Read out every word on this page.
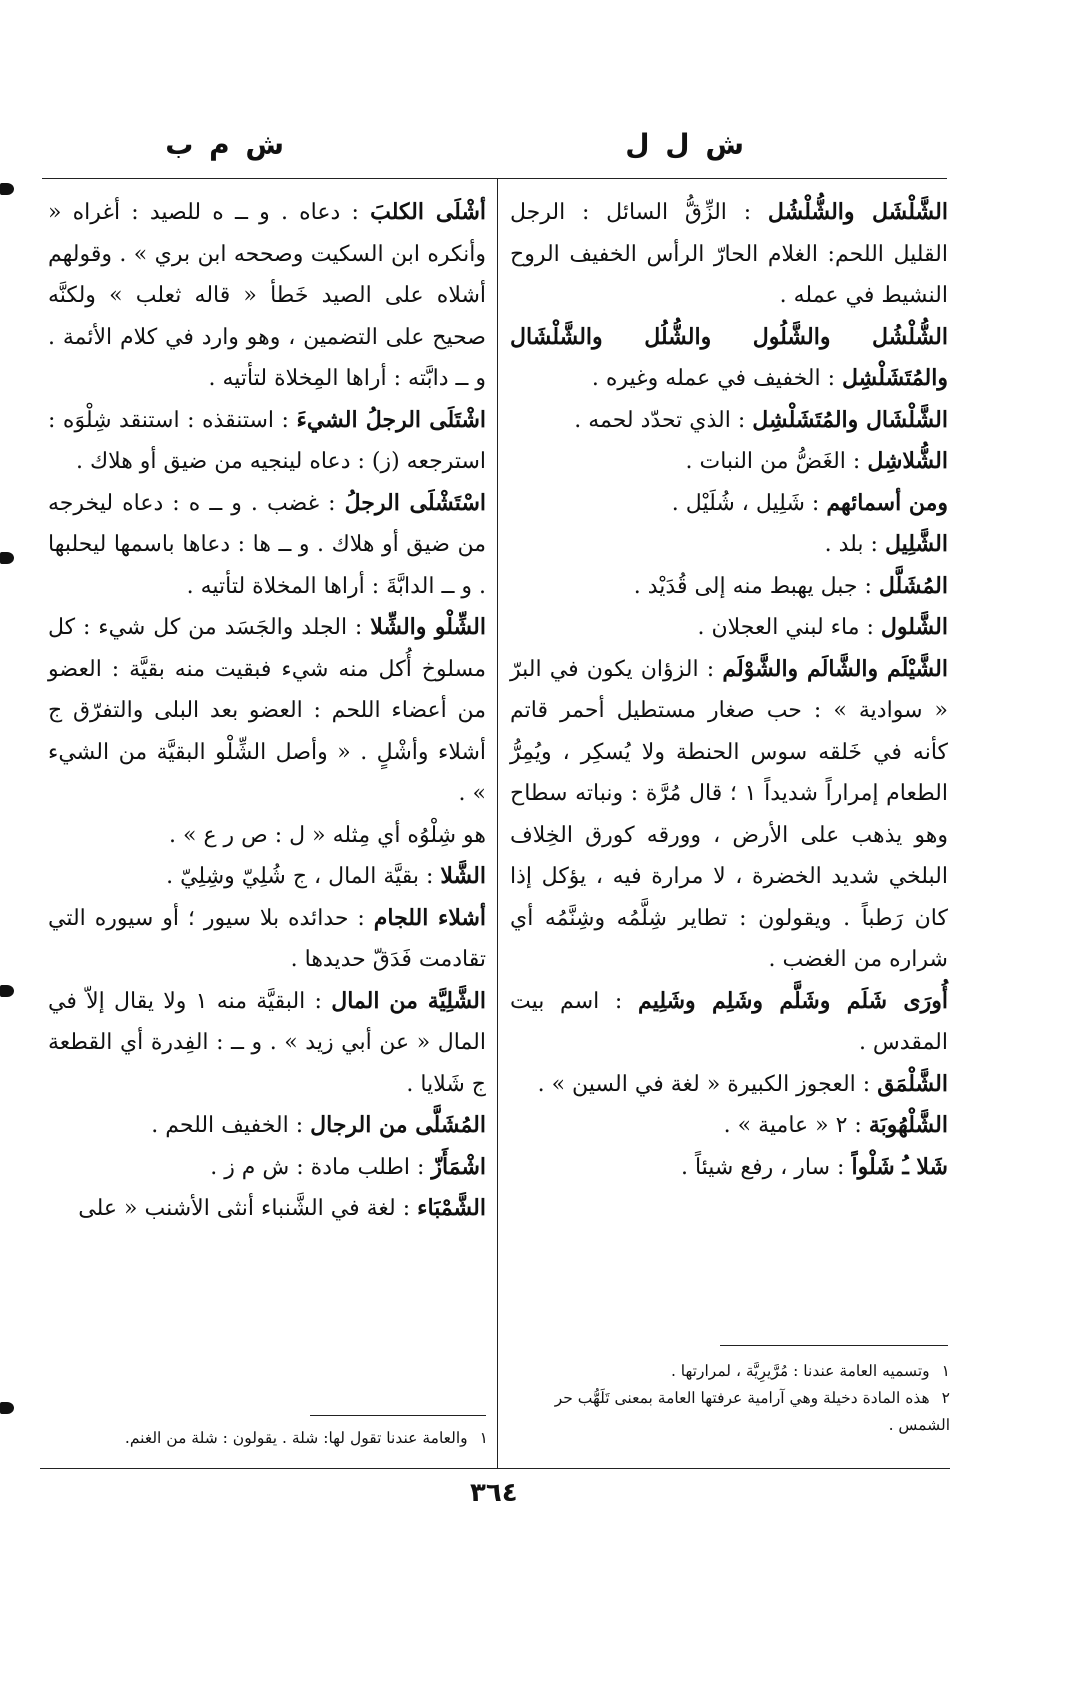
ش ل ل
ش م ب

الشَّلْشَل والشُّلْشُل : الزِّقُّ السائل : الرجل القليل اللحم: الغلام الحارّ الرأس الخفيف الروح النشيط في عمله .

الشُّلْشُل والشَّلُول والشُّلُل والشَّلْشَال والمُتَشَلْشِل : الخفيف في عمله وغيره .

الشَّلْشَال والمُتَشَلْشِل : الذي تحدّد لحمه .

الشُّلاشِل : الغَضُّ من النبات .

ومن أسمائهم : شَلِيل ، شُلَيْل .

الشَّلِيل : بلد .

المُشَلَّل : جبل يهبط منه إلى قُدَيْد .

الشَّلول : ماء لبني العجلان .

الشَّيْلَم والشَّالَم والشَّوْلَم : الزؤان يكون في البرّ « سوادية » : حب صغار مستطيل أحمر قاتم كأنه في خَلقه سوس الحنطة ولا يُسكِر ، ويُمِرُّ الطعام إمراراً شديداً ١ ؛ قال مُرَّة : ونباته سطاح وهو يذهب على الأرض ، وورقه كورق الخِلاف البلخي شديد الخضرة ، لا مرارة فيه ، يؤكل إذا كان رَطباً . ويقولون : تطاير شِلَّمُه وشِنَّمُه أي شراره من الغضب .

أُورَى شَلَم وشَلَّم وشَلِم وشَلِيم : اسم بيت المقدس .

الشَّلْمَق : العجوز الكبيرة « لغة في السين » .

الشَّلْهُوبَة : ٢ « عامية » .

شَلا ـُ شَلْواً : سار ، رفع شيئاً .

أشْلَى الكلبَ : دعاه . و ــ ه للصيد : أغراه « وأنكره ابن السكيت وصححه ابن بري » . وقولهم أشلاه على الصيد خَطأ « قاله ثعلب » ولكنَّه صحيح على التضمين ، وهو وارد في كلام الأئمة . و ــ دابَّته : أراها المِخلاة لتأتيه .

اشْتَلَى الرجلُ الشيءَ : استنقذه : استنقد شِلْوَه : استرجعه (ز) : دعاه لينجيه من ضيق أو هلاك .

اسْتَشْلَى الرجلُ : غضب . و ــ ه : دعاه ليخرجه من ضيق أو هلاك . و ــ ها : دعاها باسمها ليحلبها . و ــ الدابَّةَ : أراها المخلاة لتأتيه .

الشِّلْو والشِّلا : الجلد والجَسَد من كل شيء : كل مسلوخ أُكل منه شيء فبقيت منه بقيَّة : العضو من أعضاء اللحم : العضو بعد البلى والتفرّق ج أشلاء وأشْلٍ . « وأصل الشِّلْو البقيَّة من الشيء » .

هو شِلْوُه أي مِثله « ل : ص ر ع » .

الشَّلا : بقيَّة المال ، ج شُلِيّ وشِلِيّ .

أشلاء اللجام : حدائده بلا سيور ؛ أو سيوره التي تقادمت فَدَقّ حديدها .

الشَّلِيَّة من المال : البقيَّة منه ١ ولا يقال إلاّ في المال « عن أبي زيد » . و ــ : الفِدرة أي القطعة ج شَلايا .

المُشَلَّى من الرجال : الخفيف اللحم .

اشْمَأَزّ : اطلب مادة : ش م ز .

الشَّمْبَاء : لغة في الشَّنباء أنثى الأشنب « على

١وتسميه العامة عندنا : مُرَّيرِيَّة ، لمرارتها .

٢هذه المادة دخيلة وهي آرامية عرفتها العامة بمعنى تَلَهُّب حر الشمس .

١والعامة عندنا تقول لها: شلة . يقولون : شلة من الغنم.

٣٦٤
